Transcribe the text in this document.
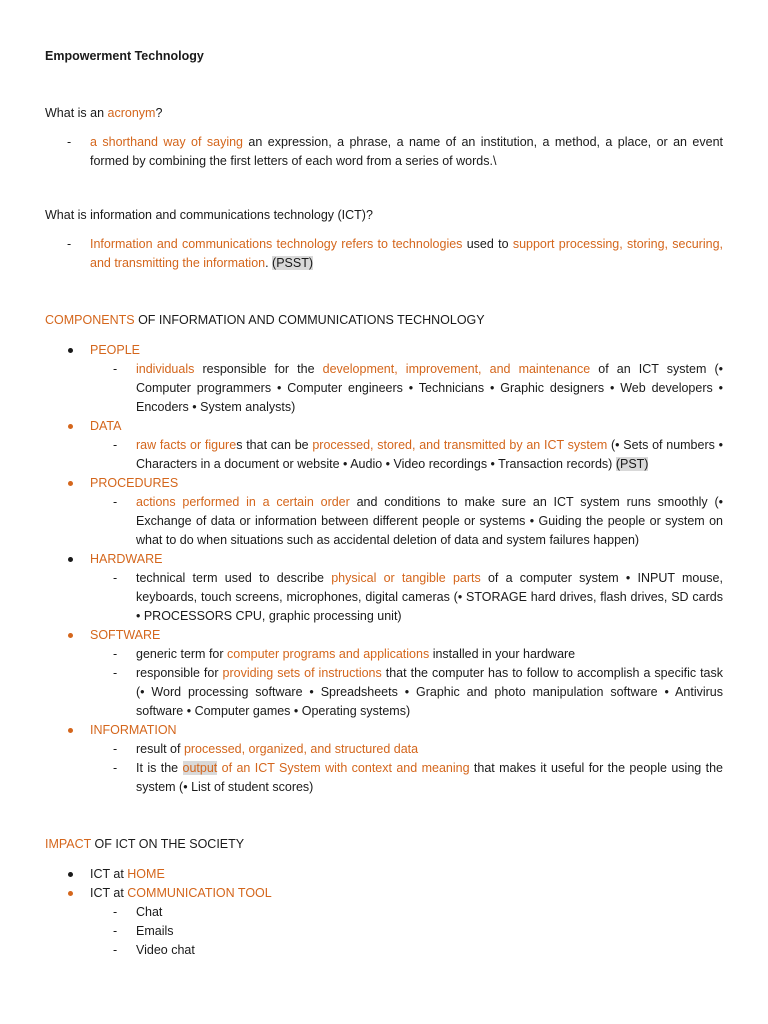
Empowerment Technology

What is an acronym?

- a shorthand way of saying an expression, a phrase, a name of an institution, a method, a place, or an event formed by combining the first letters of each word from a series of words.\

What is information and communications technology (ICT)?

- Information and communications technology refers to technologies used to support processing, storing, securing, and transmitting the information. (PSST)

COMPONENTS OF INFORMATION AND COMMUNICATIONS TECHNOLOGY

PEOPLE
- individuals responsible for the development, improvement, and maintenance of an ICT system (• Computer programmers • Computer engineers • Technicians • Graphic designers • Web developers • Encoders • System analysts)
DATA
- raw facts or figures that can be processed, stored, and transmitted by an ICT system (• Sets of numbers • Characters in a document or website • Audio • Video recordings • Transaction records) (PST)
PROCEDURES
- actions performed in a certain order and conditions to make sure an ICT system runs smoothly (• Exchange of data or information between different people or systems • Guiding the people or system on what to do when situations such as accidental deletion of data and system failures happen)
HARDWARE
- technical term used to describe physical or tangible parts of a computer system • INPUT mouse, keyboards, touch screens, microphones, digital cameras (• STORAGE hard drives, flash drives, SD cards • PROCESSORS CPU, graphic processing unit)
SOFTWARE
- generic term for computer programs and applications installed in your hardware
- responsible for providing sets of instructions that the computer has to follow to accomplish a specific task (• Word processing software • Spreadsheets • Graphic and photo manipulation software • Antivirus software • Computer games • Operating systems)
INFORMATION
- result of processed, organized, and structured data
- It is the output of an ICT System with context and meaning that makes it useful for the people using the system (• List of student scores)

IMPACT OF ICT ON THE SOCIETY

ICT at HOME
ICT at COMMUNICATION TOOL
- Chat
- Emails
- Video chat
